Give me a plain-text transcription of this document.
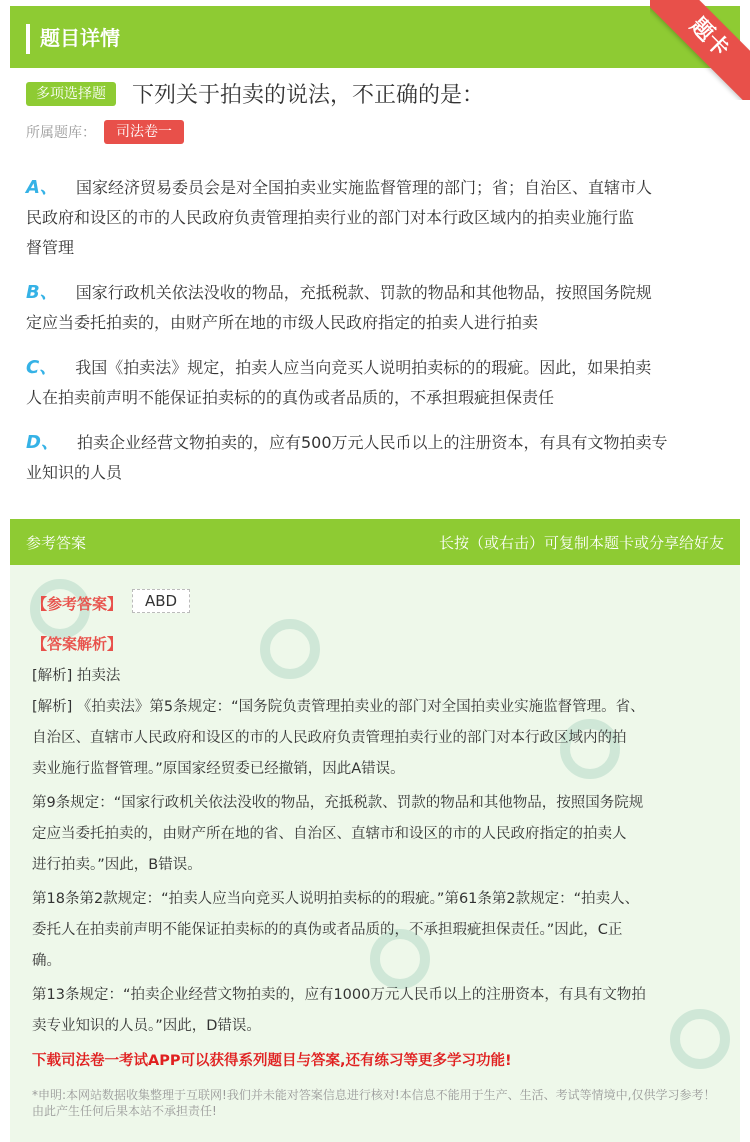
题目详情	题卡
多项选择题	下列关于拍卖的说法，不正确的是：
所属题库：	司法卷一
A、 国家经济贸易委员会是对全国拍卖业实施监督管理的部门；省；自治区、直辖市人
民政府和设区的市的人民政府负责管理拍卖行业的部门对本行政区域内的拍卖业施行监
督管理
B、 国家行政机关依法没收的物品，充抵税款、罚款的物品和其他物品，按照国务院规
定应当委托拍卖的，由财产所在地的市级人民政府指定的拍卖人进行拍卖
C、 我国《拍卖法》规定，拍卖人应当向竞买人说明拍卖标的的瑕疵。因此，如果拍卖
人在拍卖前声明不能保证拍卖标的的真伪或者品质的，不承担瑕疵担保责任
D、 拍卖企业经营文物拍卖的，应有500万元人民币以上的注册资本，有具有文物拍卖专
业知识的人员
参考答案	长按（或右击）可复制本题卡或分享给好友
【参考答案】	ABD
【答案解析】
[解析] 拍卖法
[解析] 《拍卖法》第5条规定：“国务院负责管理拍卖业的部门对全国拍卖业实施监督管理。省、
自治区、直辖市人民政府和设区的市的人民政府负责管理拍卖行业的部门对本行政区域内的拍
卖业施行监督管理。”原国家经贸委已经撤销，因此A错误。
第9条规定：“国家行政机关依法没收的物品，充抵税款、罚款的物品和其他物品，按照国务院规
定应当委托拍卖的，由财产所在地的省、自治区、直辖市和设区的市的人民政府指定的拍卖人
进行拍卖。”因此，B错误。
第18条第2款规定：“拍卖人应当向竞买人说明拍卖标的的瑕疵。”第61条第2款规定：“拍卖人、
委托人在拍卖前声明不能保证拍卖标的的真伪或者品质的，不承担瑕疵担保责任。”因此，C正
确。
第13条规定：“拍卖企业经营文物拍卖的，应有1000万元人民币以上的注册资本，有具有文物拍
卖专业知识的人员。”因此，D错误。
下载司法卷一考试APP可以获得系列题目与答案,还有练习等更多学习功能!
*申明:本网站数据收集整理于互联网!我们并未能对答案信息进行核对!本信息不能用于生产、生活、考试等情境中,仅供学习参考！由此产生任何后果本站不承担责任!
